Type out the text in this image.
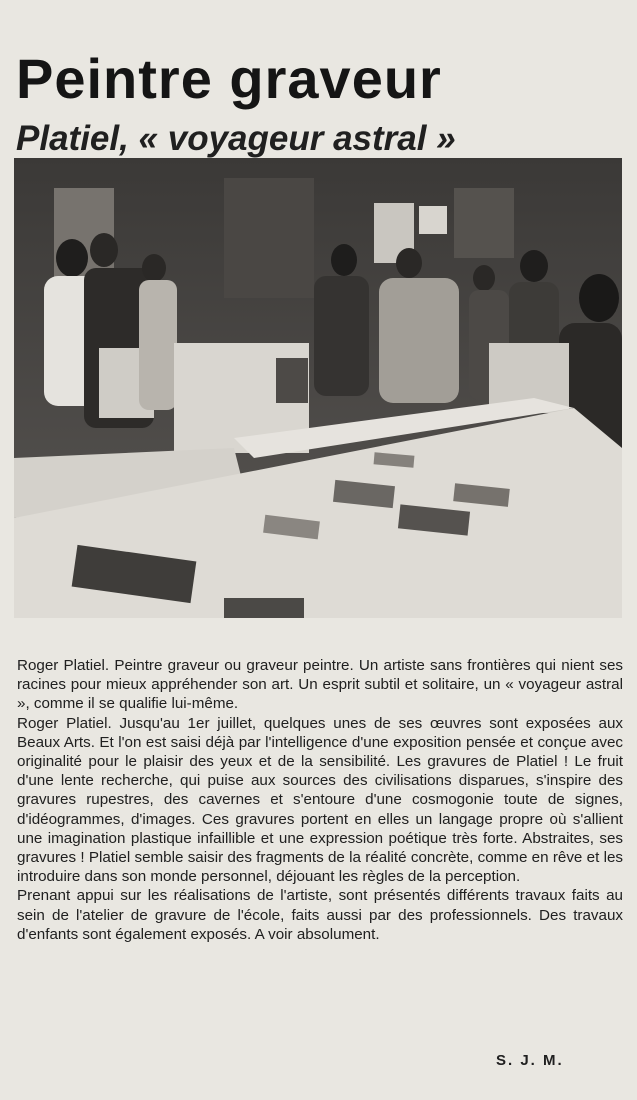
Peintre graveur
Platiel, « voyageur astral »

Roger Platiel. Peintre graveur ou graveur peintre. Un artiste sans frontières qui nient ses racines pour mieux appréhender son art. Un esprit subtil et solitaire, un « voyageur astral », comme il se qualifie lui-même.

Roger Platiel. Jusqu'au 1er juillet, quelques unes de ses œuvres sont exposées aux Beaux Arts. Et l'on est saisi déjà par l'intelligence d'une exposition pensée et conçue avec originalité pour le plaisir des yeux et de la sensibilité. Les gravures de Platiel ! Le fruit d'une lente recherche, qui puise aux sources des civilisations disparues, s'inspire des gravures rupestres, des cavernes et s'entoure d'une cosmogonie toute de signes, d'idéogrammes, d'images. Ces gravures portent en elles un langage propre où s'allient une imagination plastique infaillible et une expression poétique très forte. Abstraites, ses gravures ! Platiel semble saisir des fragments de la réalité concrète, comme en rêve et les introduire dans son monde personnel, déjouant les règles de la perception.

Prenant appui sur les réalisations de l'artiste, sont présentés différents travaux faits au sein de l'atelier de gravure de l'école, faits aussi par des professionnels. Des travaux d'enfants sont également exposés. A voir absolument.

S. J. M.
